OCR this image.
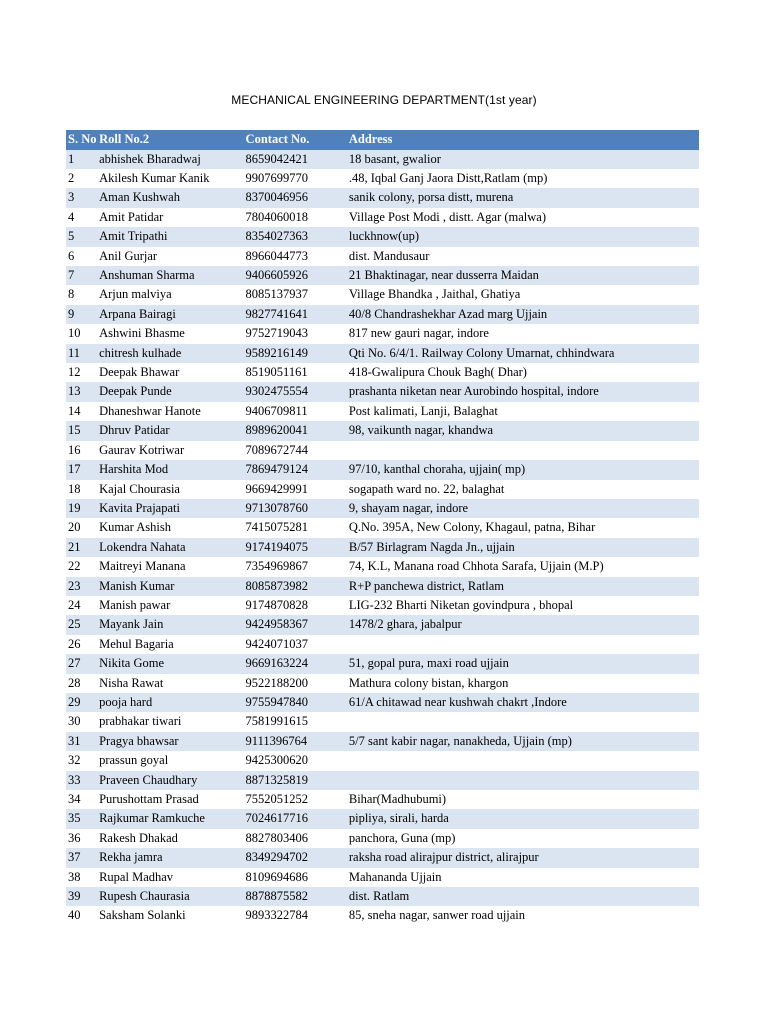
MECHANICAL ENGINEERING DEPARTMENT(1st year)
S. No	Roll No.2	Contact No.	Address
1	abhishek Bharadwaj	8659042421	18 basant, gwalior
2	Akilesh Kumar Kanik	9907699770	.48, Iqbal Ganj Jaora Distt,Ratlam (mp)
3	Aman Kushwah	8370046956	sanik colony, porsa distt, murena
4	Amit Patidar	7804060018	Village Post Modi , distt. Agar (malwa)
5	Amit Tripathi	8354027363	luckhnow(up)
6	Anil Gurjar	8966044773	dist. Mandusaur
7	Anshuman Sharma	9406605926	21 Bhaktinagar, near dusserra Maidan
8	Arjun malviya	8085137937	Village Bhandka , Jaithal, Ghatiya
9	Arpana Bairagi	9827741641	40/8 Chandrashekhar Azad marg Ujjain
10	Ashwini Bhasme	9752719043	817 new gauri nagar, indore
11	chitresh kulhade	9589216149	Qti No. 6/4/1. Railway Colony Umarnat, chhindwara
12	Deepak Bhawar	8519051161	418-Gwalipura Chouk Bagh( Dhar)
13	Deepak Punde	9302475554	prashanta niketan near Aurobindo hospital, indore
14	Dhaneshwar Hanote	9406709811	Post kalimati, Lanji, Balaghat
15	Dhruv Patidar	8989620041	98, vaikunth nagar, khandwa
16	Gaurav Kotriwar	7089672744	
17	Harshita Mod	7869479124	97/10, kanthal choraha, ujjain( mp)
18	Kajal Chourasia	9669429991	sogapath ward no. 22, balaghat
19	Kavita Prajapati	9713078760	9, shayam nagar, indore
20	Kumar Ashish	7415075281	Q.No. 395A, New Colony, Khagaul, patna, Bihar
21	Lokendra Nahata	9174194075	B/57 Birlagram Nagda Jn., ujjain
22	Maitreyi Manana	7354969867	74, K.L, Manana road Chhota Sarafa, Ujjain (M.P)
23	Manish Kumar	8085873982	R+P panchewa district, Ratlam
24	Manish pawar	9174870828	LIG-232 Bharti Niketan govindpura , bhopal
25	Mayank Jain	9424958367	1478/2 ghara, jabalpur
26	Mehul Bagaria	9424071037	
27	Nikita Gome	9669163224	51, gopal pura, maxi road ujjain
28	Nisha Rawat	9522188200	Mathura colony bistan, khargon
29	pooja hard	9755947840	61/A chitawad near kushwah chakrt ,Indore
30	prabhakar tiwari	7581991615	
31	Pragya bhawsar	9111396764	5/7 sant kabir nagar, nanakheda, Ujjain (mp)
32	prassun goyal	9425300620	
33	Praveen Chaudhary	8871325819	
34	Purushottam Prasad	7552051252	Bihar(Madhubumi)
35	Rajkumar Ramkuche	7024617716	pipliya, sirali, harda
36	Rakesh Dhakad	8827803406	panchora, Guna (mp)
37	Rekha jamra	8349294702	raksha road alirajpur district, alirajpur
38	Rupal Madhav	8109694686	Mahananda Ujjain
39	Rupesh Chaurasia	8878875582	dist. Ratlam
40	Saksham Solanki	9893322784	85, sneha nagar, sanwer road ujjain
